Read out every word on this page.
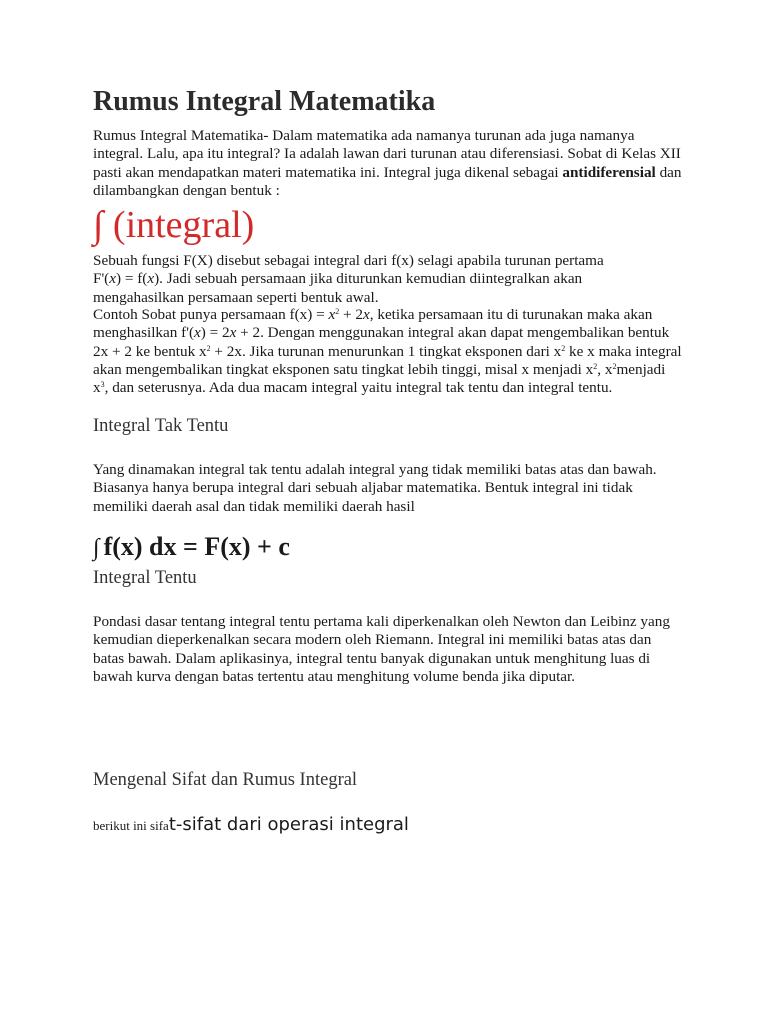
Rumus Integral Matematika

Rumus Integral Matematika- Dalam matematika ada namanya turunan ada juga namanya integral. Lalu, apa itu integral? Ia adalah lawan dari turunan atau diferensiasi. Sobat di Kelas XII pasti akan mendapatkan materi matematika ini. Integral juga dikenal sebagai antidiferensial dan dilambangkan dengan bentuk :

∫ (integral)

Sebuah fungsi F(X) disebut sebagai integral dari f(x) selagi apabila turunan pertama
F'(x) = f(x). Jadi sebuah persamaan jika diturunkan kemudian diintegralkan akan
mengahasilkan persamaan seperti bentuk awal.

Contoh Sobat punya persamaan $f(x) = x^2 + 2x$, ketika persamaan itu di turunakan maka akan menghasilkan f'(x) = 2x + 2. Dengan menggunakan integral akan dapat mengembalikan bentuk 2x + 2 ke bentuk $x^2 + 2x$. Jika turunan menurunkan 1 tingkat eksponen dari $x^2$ ke x maka integral akan mengembalikan tingkat eksponen satu tingkat lebih tinggi, misal x menjadi $x^2$, $x^2menjadi$ $x^3$, dan seterusnya. Ada dua macam integral yaitu integral tak tentu dan integral tentu.

Integral Tak Tentu

Yang dinamakan integral tak tentu adalah integral yang tidak memiliki batas atas dan bawah. Biasanya hanya berupa integral dari sebuah aljabar matematika. Bentuk integral ini tidak memiliki daerah asal dan tidak memiliki daerah hasil

∫ f(x) dx = F(x) + c
Integral Tentu

Pondasi dasar tentang integral tentu pertama kali diperkenalkan oleh Newton dan Leibinz yang kemudian dieperkenalkan secara modern oleh Riemann. Integral ini memiliki batas atas dan batas bawah. Dalam aplikasinya, integral tentu banyak digunakan untuk menghitung luas di bawah kurva dengan batas tertentu atau menghitung volume benda jika diputar.

Mengenal Sifat dan Rumus Integral
berikut ini sifat-sifat dari operasi integral
